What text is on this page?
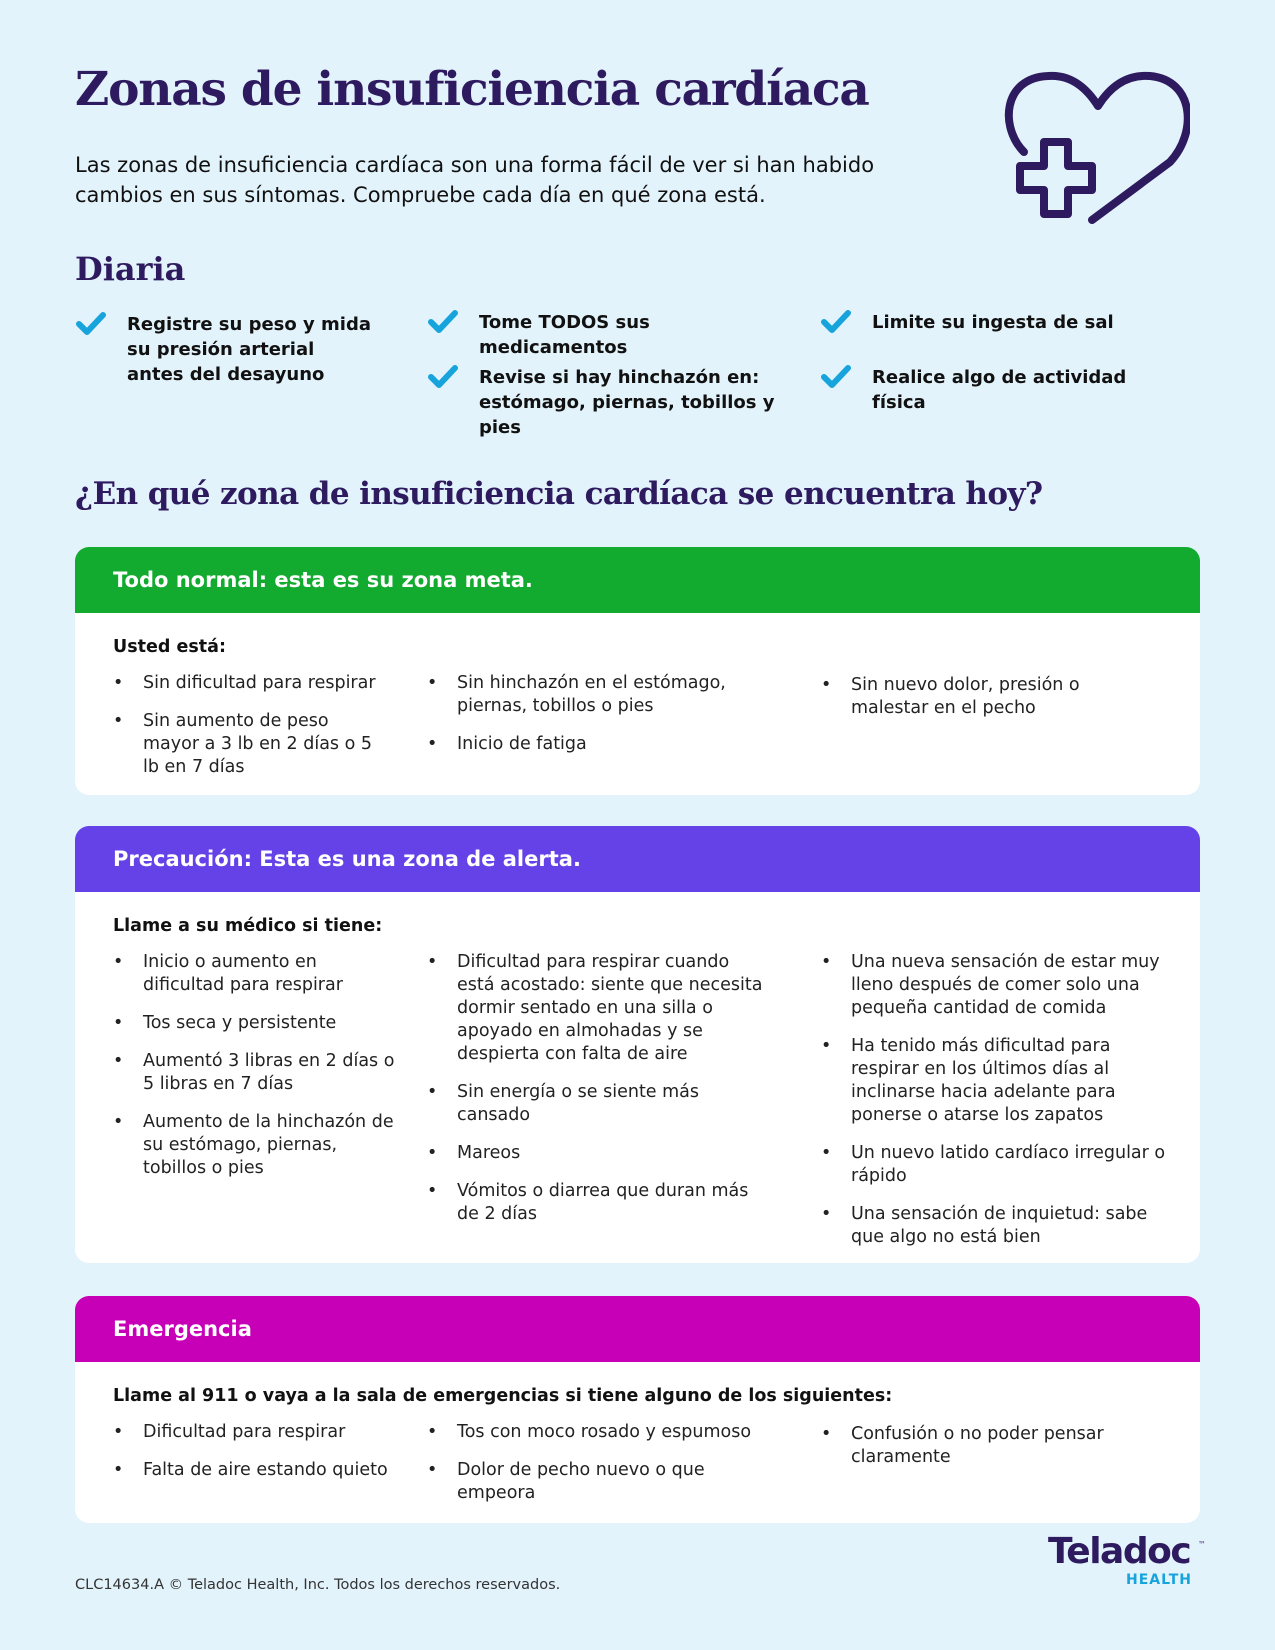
Zonas de insuficiencia cardíaca

Las zonas de insuficiencia cardíaca son una forma fácil de ver si han habido cambios en sus síntomas. Compruebe cada día en qué zona está.

Diaria
Registre su peso y mida su presión arterial antes del desayuno
Tome TODOS sus medicamentos
Revise si hay hinchazón en: estómago, piernas, tobillos y pies
Limite su ingesta de sal
Realice algo de actividad física
¿En qué zona de insuficiencia cardíaca se encuentra hoy?
Todo normal: esta es su zona meta.
Usted está:
• Sin dificultad para respirar
• Sin aumento de peso mayor a 3 lb en 2 días o 5 lb en 7 días
• Sin hinchazón en el estómago, piernas, tobillos o pies
• Inicio de fatiga
• Sin nuevo dolor, presión o malestar en el pecho
Precaución: Esta es una zona de alerta.
Llame a su médico si tiene:
• Inicio o aumento en dificultad para respirar
• Tos seca y persistente
• Aumentó 3 libras en 2 días o 5 libras en 7 días
• Aumento de la hinchazón de su estómago, piernas, tobillos o pies
• Dificultad para respirar cuando está acostado: siente que necesita dormir sentado en una silla o apoyado en almohadas y se despierta con falta de aire
• Sin energía o se siente más cansado
• Mareos
• Vómitos o diarrea que duran más de 2 días
• Una nueva sensación de estar muy lleno después de comer solo una pequeña cantidad de comida
• Ha tenido más dificultad para respirar en los últimos días al inclinarse hacia adelante para ponerse o atarse los zapatos
• Un nuevo latido cardíaco irregular o rápido
• Una sensación de inquietud: sabe que algo no está bien
Emergencia
Llame al 911 o vaya a la sala de emergencias si tiene alguno de los siguientes:
• Dificultad para respirar
• Falta de aire estando quieto
• Tos con moco rosado y espumoso
• Dolor de pecho nuevo o que empeora
• Confusión o no poder pensar claramente
CLC14634.A © Teladoc Health, Inc. Todos los derechos reservados.
Teladoc ™
HEALTH
